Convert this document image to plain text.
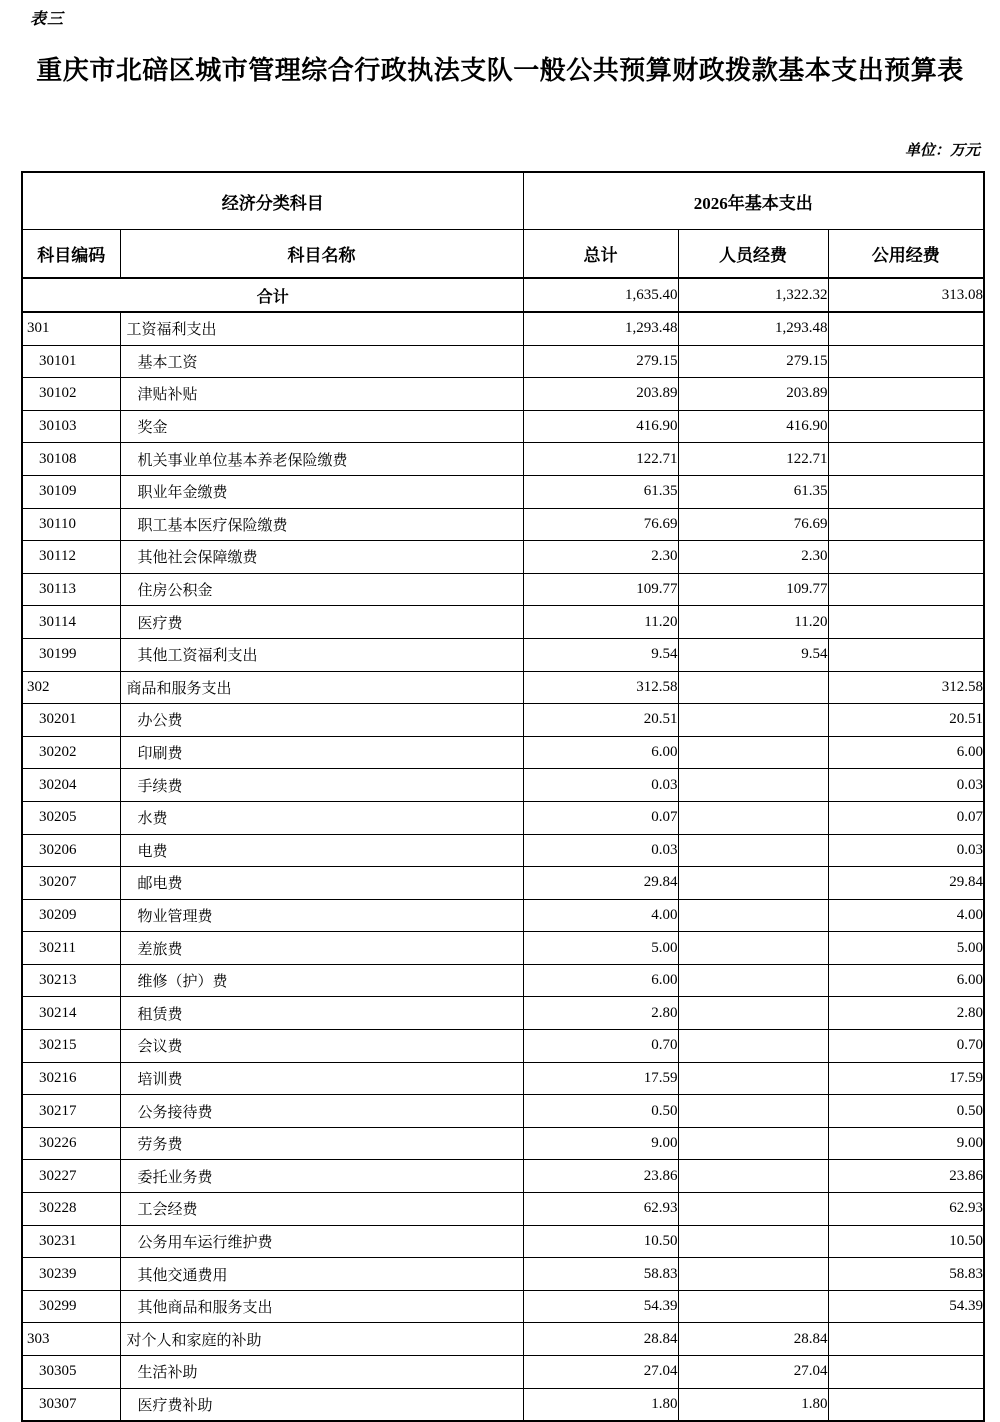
表三
重庆市北碚区城市管理综合行政执法支队一般公共预算财政拨款基本支出预算表
单位：万元
经济分类科目		2026年基本支出		
科目编码	科目名称	总计	人员经费	公用经费
合计		1,635.40	1,322.32	313.08
301	工资福利支出	1,293.48	1,293.48	
30101	基本工资	279.15	279.15	
30102	津贴补贴	203.89	203.89	
30103	奖金	416.90	416.90	
30108	机关事业单位基本养老保险缴费	122.71	122.71	
30109	职业年金缴费	61.35	61.35	
30110	职工基本医疗保险缴费	76.69	76.69	
30112	其他社会保障缴费	2.30	2.30	
30113	住房公积金	109.77	109.77	
30114	医疗费	11.20	11.20	
30199	其他工资福利支出	9.54	9.54	
302	商品和服务支出	312.58		312.58
30201	办公费	20.51		20.51
30202	印刷费	6.00		6.00
30204	手续费	0.03		0.03
30205	水费	0.07		0.07
30206	电费	0.03		0.03
30207	邮电费	29.84		29.84
30209	物业管理费	4.00		4.00
30211	差旅费	5.00		5.00
30213	维修（护）费	6.00		6.00
30214	租赁费	2.80		2.80
30215	会议费	0.70		0.70
30216	培训费	17.59		17.59
30217	公务接待费	0.50		0.50
30226	劳务费	9.00		9.00
30227	委托业务费	23.86		23.86
30228	工会经费	62.93		62.93
30231	公务用车运行维护费	10.50		10.50
30239	其他交通费用	58.83		58.83
30299	其他商品和服务支出	54.39		54.39
303	对个人和家庭的补助	28.84	28.84	
30305	生活补助	27.04	27.04	
30307	医疗费补助	1.80	1.80	
